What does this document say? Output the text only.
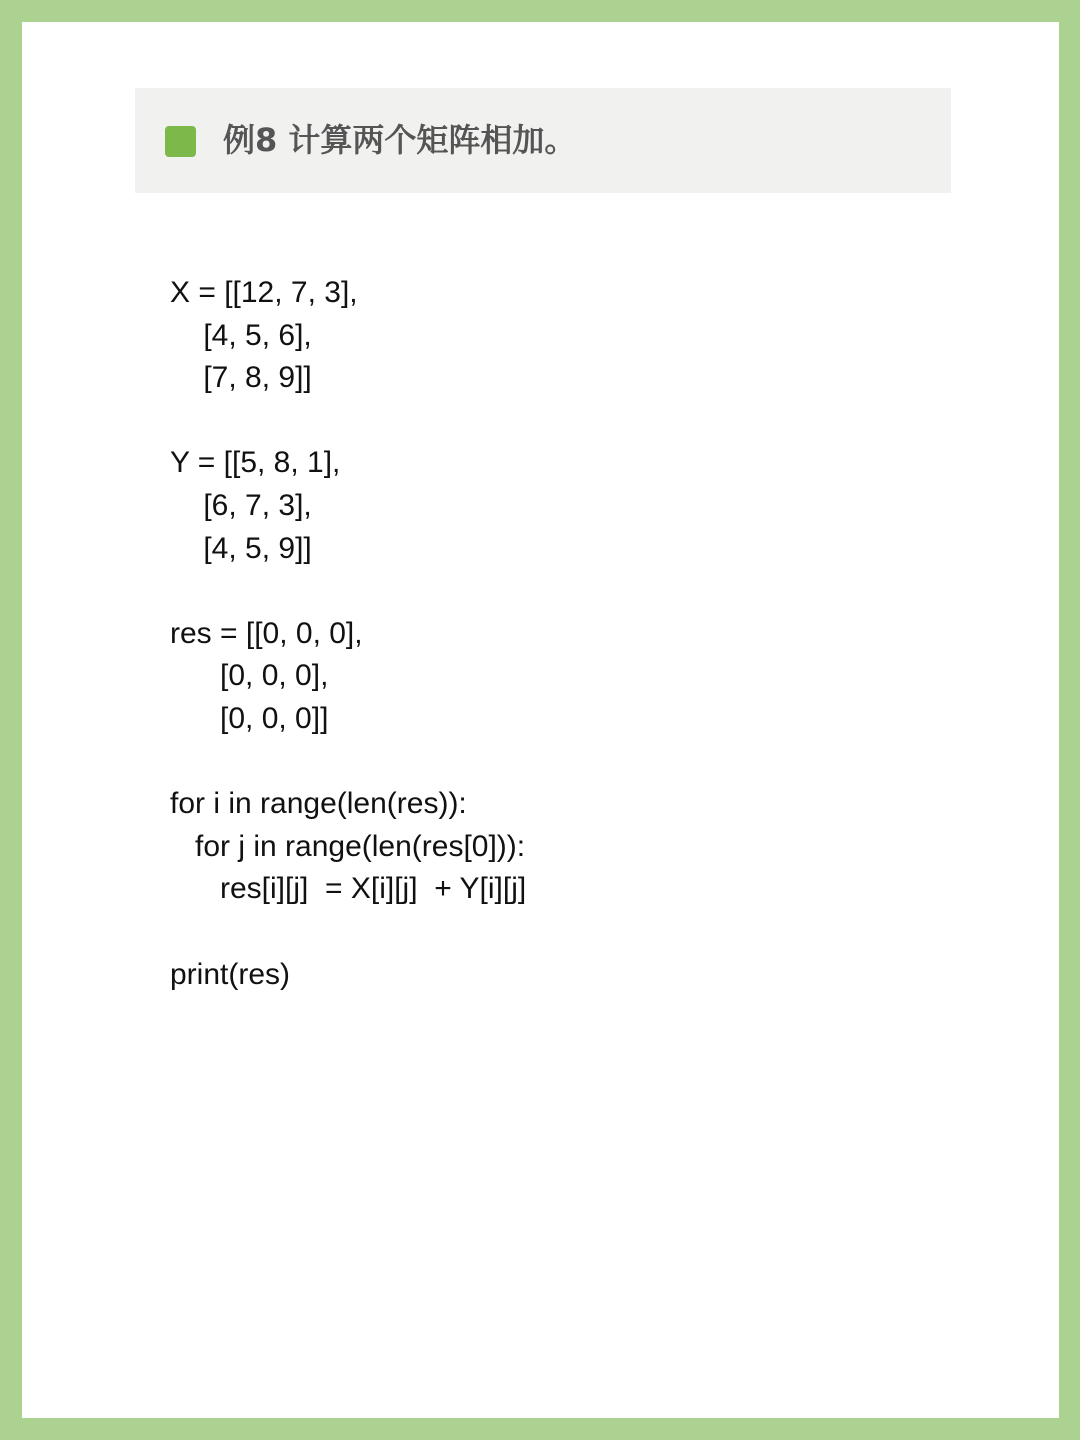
例8 计算两个矩阵相加。
X = [[12, 7, 3],
[4, 5, 6],
[7, 8, 9]]
Y = [[5, 8, 1],
[6, 7, 3],
[4, 5, 9]]
res = [[0, 0, 0],
[0, 0, 0],
[0, 0, 0]]
for i in range(len(res)):
for j in range(len(res[0])):
res[i][j]  = X[i][j]  + Y[i][j]
print(res)
